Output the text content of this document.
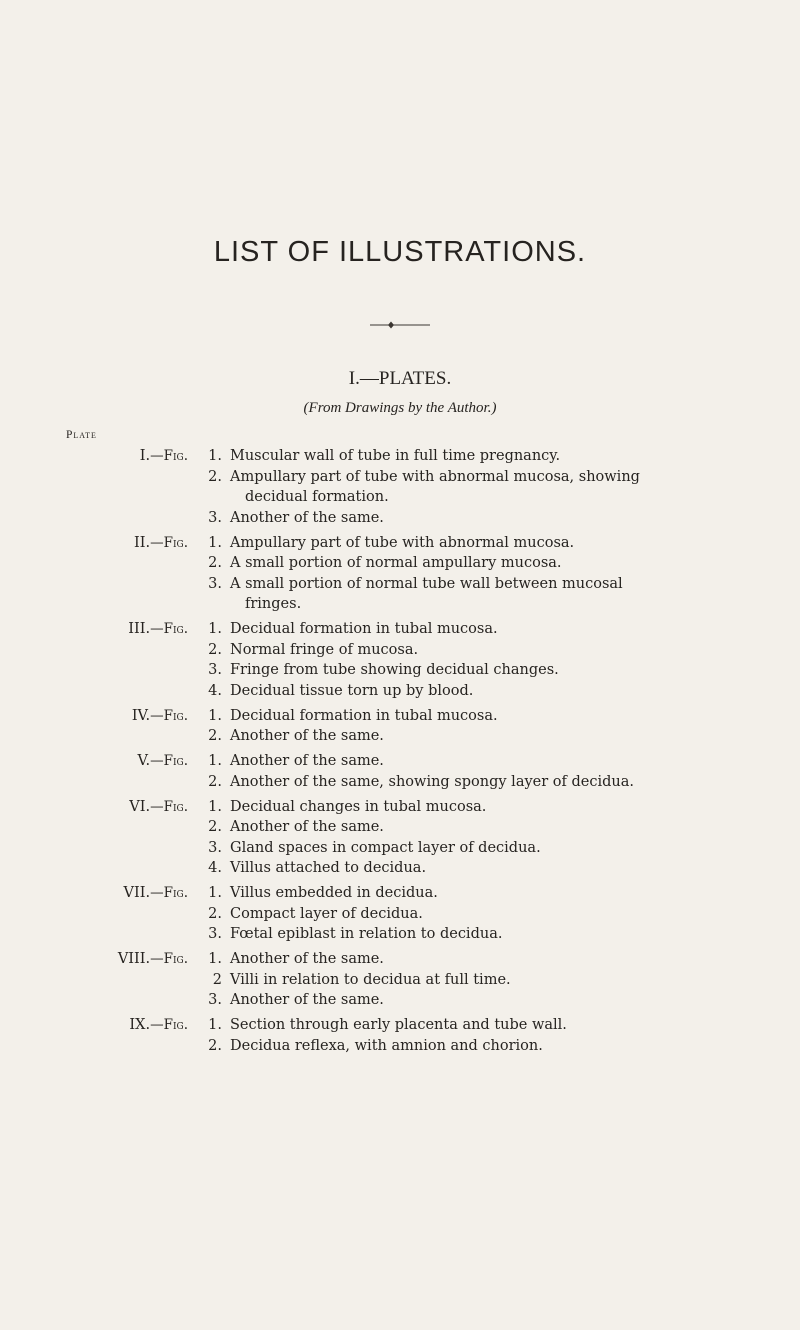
LIST OF ILLUSTRATIONS.
I.—PLATES.
(From Drawings by the Author.)
Plate
I.—Fig. 1. Muscular wall of tube in full time pregnancy.
2. Ampullary part of tube with abnormal mucosa, showing
decidual formation.
3. Another of the same.
II.—Fig. 1. Ampullary part of tube with abnormal mucosa.
2. A small portion of normal ampullary mucosa.
3. A small portion of normal tube wall between mucosal
fringes.
III.—Fig. 1. Decidual formation in tubal mucosa.
2. Normal fringe of mucosa.
3. Fringe from tube showing decidual changes.
4. Decidual tissue torn up by blood.
IV.—Fig. 1. Decidual formation in tubal mucosa.
2. Another of the same.
V.—Fig. 1. Another of the same.
2. Another of the same, showing spongy layer of decidua.
VI.—Fig. 1. Decidual changes in tubal mucosa.
2. Another of the same.
3. Gland spaces in compact layer of decidua.
4. Villus attached to decidua.
VII.—Fig. 1. Villus embedded in decidua.
2. Compact layer of decidua.
3. Fœtal epiblast in relation to decidua.
VIII.—Fig. 1. Another of the same.
2 Villi in relation to decidua at full time.
3. Another of the same.
IX.—Fig. 1. Section through early placenta and tube wall.
2. Decidua reflexa, with amnion and chorion.
